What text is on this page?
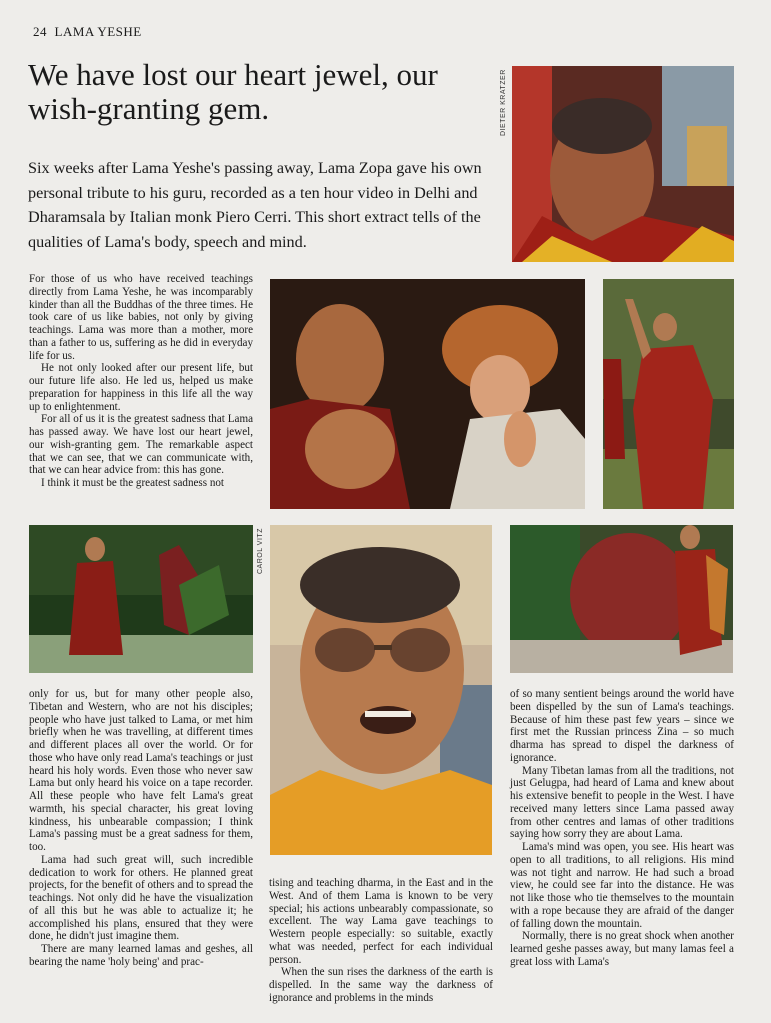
24 LAMA YESHE
We have lost our heart jewel, our wish-granting gem.
Six weeks after Lama Yeshe's passing away, Lama Zopa gave his own personal tribute to his guru, recorded as a ten hour video in Delhi and Dharamsala by Italian monk Piero Cerri. This short extract tells of the qualities of Lama's body, speech and mind.
DIETER KRATZER
CAROL VITZ

For those of us who have received teachings directly from Lama Yeshe, he was incomparably kinder than all the Buddhas of the three times. He took care of us like babies, not only by giving teachings. Lama was more than a mother, more than a father to us, suffering as he did in everyday life for us.

He not only looked after our present life, but our future life also. He led us, helped us make preparation for happiness in this life all the way up to enlightenment.

For all of us it is the greatest sadness that Lama has passed away. We have lost our heart jewel, our wish-granting gem. The remarkable aspect that we can see, that we can communicate with, that we can hear advice from: this has gone.

I think it must be the greatest sadness not

only for us, but for many other people also, Tibetan and Western, who are not his disciples; people who have just talked to Lama, or met him briefly when he was travelling, at different times and different places all over the world. Or for those who have only read Lama's teachings or just heard his holy words. Even those who never saw Lama but only heard his voice on a tape recorder. All these people who have felt Lama's great warmth, his special character, his great loving kindness, his unbearable compassion; I think Lama's passing must be a great sadness for them, too.

Lama had such great will, such incredible dedication to work for others. He planned great projects, for the benefit of others and to spread the teachings. Not only did he have the visualization of all this but he was able to actualize it; he accomplished his plans, ensured that they were done, he didn't just imagine them.

There are many learned lamas and geshes, all bearing the name 'holy being' and prac-

tising and teaching dharma, in the East and in the West. And of them Lama is known to be very special; his actions unbearably compassionate, so excellent. The way Lama gave teachings to Western people especially: so suitable, exactly what was needed, perfect for each individual person.

When the sun rises the darkness of the earth is dispelled. In the same way the darkness of ignorance and problems in the minds

of so many sentient beings around the world have been dispelled by the sun of Lama's teachings. Because of him these past few years – since we first met the Russian princess Zina – so much dharma has spread to dispel the darkness of ignorance.

Many Tibetan lamas from all the traditions, not just Gelugpa, had heard of Lama and knew about his extensive benefit to people in the West. I have received many letters since Lama passed away from other centres and lamas of other traditions saying how sorry they are about Lama.

Lama's mind was open, you see. His heart was open to all traditions, to all religions. His mind was not tight and narrow. He had such a broad view, he could see far into the distance. He was not like those who tie themselves to the mountain with a rope because they are afraid of the danger of falling down the mountain.

Normally, there is no great shock when another learned geshe passes away, but many lamas feel a great loss with Lama's
